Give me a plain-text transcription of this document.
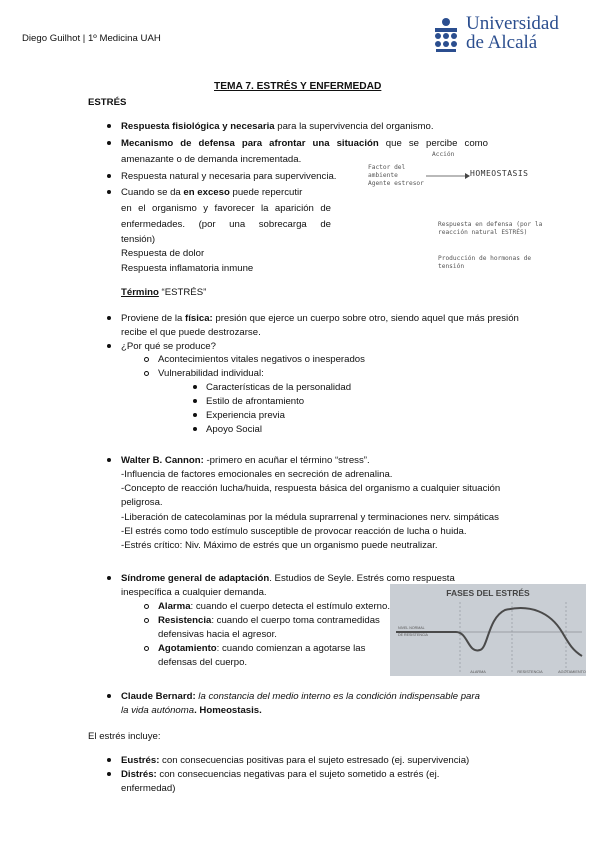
Diego Guilhot | 1º Medicina UAH
Universidad
de Alcalá
TEMA 7. ESTRÉS Y ENFERMEDAD
ESTRÉS
Respuesta fisiológica y necesaria para la supervivencia del organismo.
Mecanismo de defensa para afrontar una situación que se percibe como
amenazante o de demanda incrementada.
Respuesta natural y necesaria para supervivencia.
Cuando se da en exceso puede repercutir
en el organismo y favorecer la aparición de
enfermedades. (por una sobrecarga de
tensión)
Respuesta de dolor
Respuesta inflamatoria inmune
Acción
Factor del
ambiente
Agente estresor
HOMEOSTASIS
Respuesta en defensa (por la
reacción natural ESTRÉS)
Producción de hormonas de
tensión
Término “ESTRÉS”
Proviene de la física: presión que ejerce un cuerpo sobre otro, siendo aquel que más presión
recibe el que puede destrozarse.
¿Por qué se produce?
Acontecimientos vitales negativos o inesperados
Vulnerabilidad individual:
Características de la personalidad
Estilo de afrontamiento
Experiencia previa
Apoyo Social
Walter B. Cannon: -primero en acuñar el término “stress”.
-Influencia de factores emocionales en secreción de adrenalina.
-Concepto de reacción lucha/huida, respuesta básica del organismo a cualquier situación
peligrosa.
-Liberación de catecolaminas por la médula suprarrenal y terminaciones nerv. simpáticas
-El estrés como todo estímulo susceptible de provocar reacción de lucha o huida.
-Estrés crítico: Niv. Máximo de estrés que un organismo puede neutralizar.
Síndrome general de adaptación. Estudios de Seyle. Estrés como respuesta
inespecífica a cualquier demanda.
Alarma: cuando el cuerpo detecta el estímulo externo.
Resistencia: cuando el cuerpo toma contramedidas
defensivas hacia el agresor.
Agotamiento: cuando comienzan a agotarse las
defensas del cuerpo.
FASES DEL ESTRÉS
NIVEL NORMAL
DE RESISTENCIA
ALARMA	RESISTENCIA	AGOTAMIENTO
Claude Bernard: la constancia del medio interno es la condición indispensable para
la vida autónoma. Homeostasis.
El estrés incluye:
Eustrés: con consecuencias positivas para el sujeto estresado (ej. supervivencia)
Distrés: con consecuencias negativas para el sujeto sometido a estrés (ej.
enfermedad)
